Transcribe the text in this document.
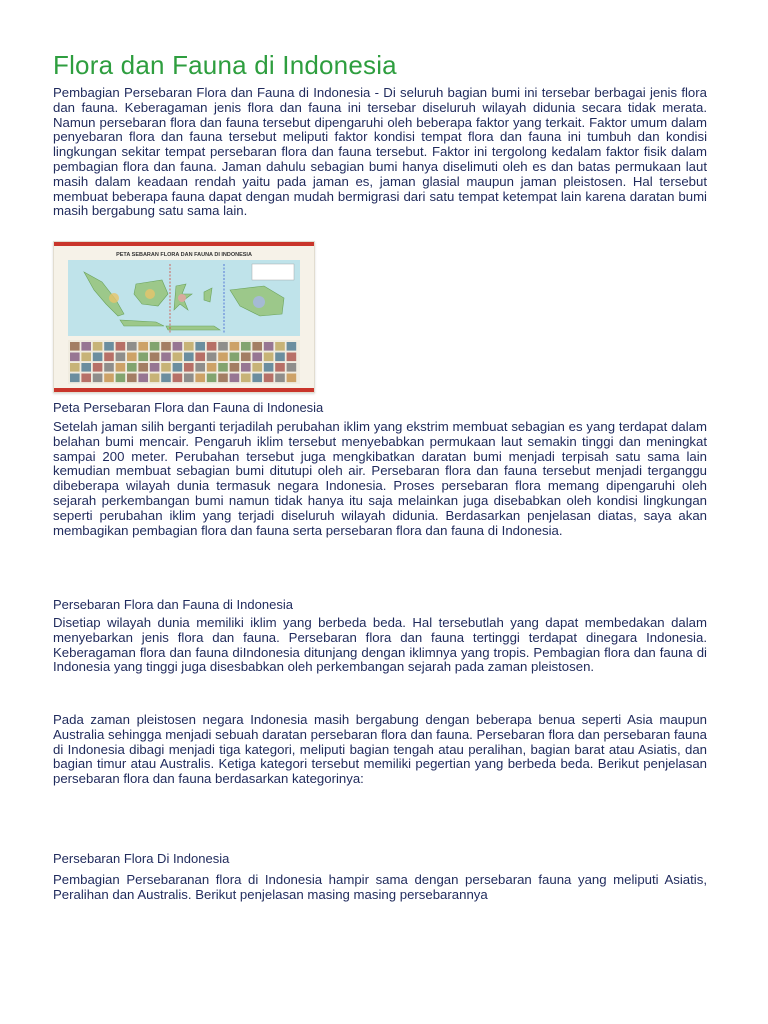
Flora dan Fauna di Indonesia

Pembagian Persebaran Flora dan Fauna di Indonesia - Di seluruh bagian bumi ini tersebar berbagai jenis flora dan fauna. Keberagaman jenis flora dan fauna ini tersebar diseluruh wilayah didunia secara tidak merata. Namun persebaran flora dan fauna tersebut dipengaruhi oleh beberapa faktor yang terkait. Faktor umum dalam penyebaran flora dan fauna tersebut meliputi faktor kondisi tempat flora dan fauna ini tumbuh dan kondisi lingkungan sekitar tempat persebaran flora dan fauna tersebut. Faktor ini tergolong kedalam faktor fisik dalam pembagian flora dan fauna. Jaman dahulu sebagian bumi hanya diselimuti oleh es dan batas permukaan laut masih dalam keadaan rendah yaitu pada jaman es, jaman glasial maupun jaman pleistosen. Hal tersebut membuat beberapa fauna dapat dengan mudah bermigrasi dari satu tempat ketempat lain karena daratan bumi masih bergabung satu sama lain.

PETA SEBARAN FLORA DAN FAUNA DI INDONESIA

Peta Persebaran Flora dan Fauna di Indonesia

Setelah jaman silih berganti terjadilah perubahan iklim yang ekstrim membuat sebagian es yang terdapat dalam belahan bumi mencair. Pengaruh iklim tersebut menyebabkan permukaan laut semakin tinggi dan meningkat sampai 200 meter. Perubahan tersebut juga mengkibatkan daratan bumi menjadi terpisah satu sama lain kemudian membuat sebagian bumi ditutupi oleh air. Persebaran flora dan fauna tersebut menjadi terganggu dibeberapa wilayah dunia termasuk negara Indonesia. Proses persebaran flora memang dipengaruhi oleh sejarah perkembangan bumi namun tidak hanya itu saja melainkan juga disebabkan oleh kondisi lingkungan seperti perubahan iklim yang terjadi diseluruh wilayah didunia. Berdasarkan penjelasan diatas, saya akan membagikan pembagian flora dan fauna serta persebaran flora dan fauna di Indonesia.

Persebaran Flora dan Fauna di Indonesia

Disetiap wilayah dunia memiliki iklim yang berbeda beda. Hal tersebutlah yang dapat membedakan dalam menyebarkan jenis flora dan fauna. Persebaran flora dan fauna tertinggi terdapat dinegara Indonesia. Keberagaman flora dan fauna diIndonesia ditunjang dengan iklimnya yang tropis. Pembagian flora dan fauna di Indonesia yang tinggi juga disesbabkan oleh perkembangan sejarah pada zaman pleistosen.

Pada zaman pleistosen negara Indonesia masih bergabung dengan beberapa benua seperti Asia maupun Australia sehingga menjadi sebuah daratan persebaran flora dan fauna. Persebaran flora dan persebaran fauna di Indonesia dibagi menjadi tiga kategori, meliputi bagian tengah atau peralihan, bagian barat atau Asiatis, dan bagian timur atau Australis. Ketiga kategori tersebut memiliki pegertian yang berbeda beda. Berikut penjelasan persebaran flora dan fauna berdasarkan kategorinya:

Persebaran Flora Di Indonesia

Pembagian Persebaranan flora di Indonesia hampir sama dengan persebaran fauna yang meliputi Asiatis, Peralihan dan Australis. Berikut penjelasan masing masing persebarannya
